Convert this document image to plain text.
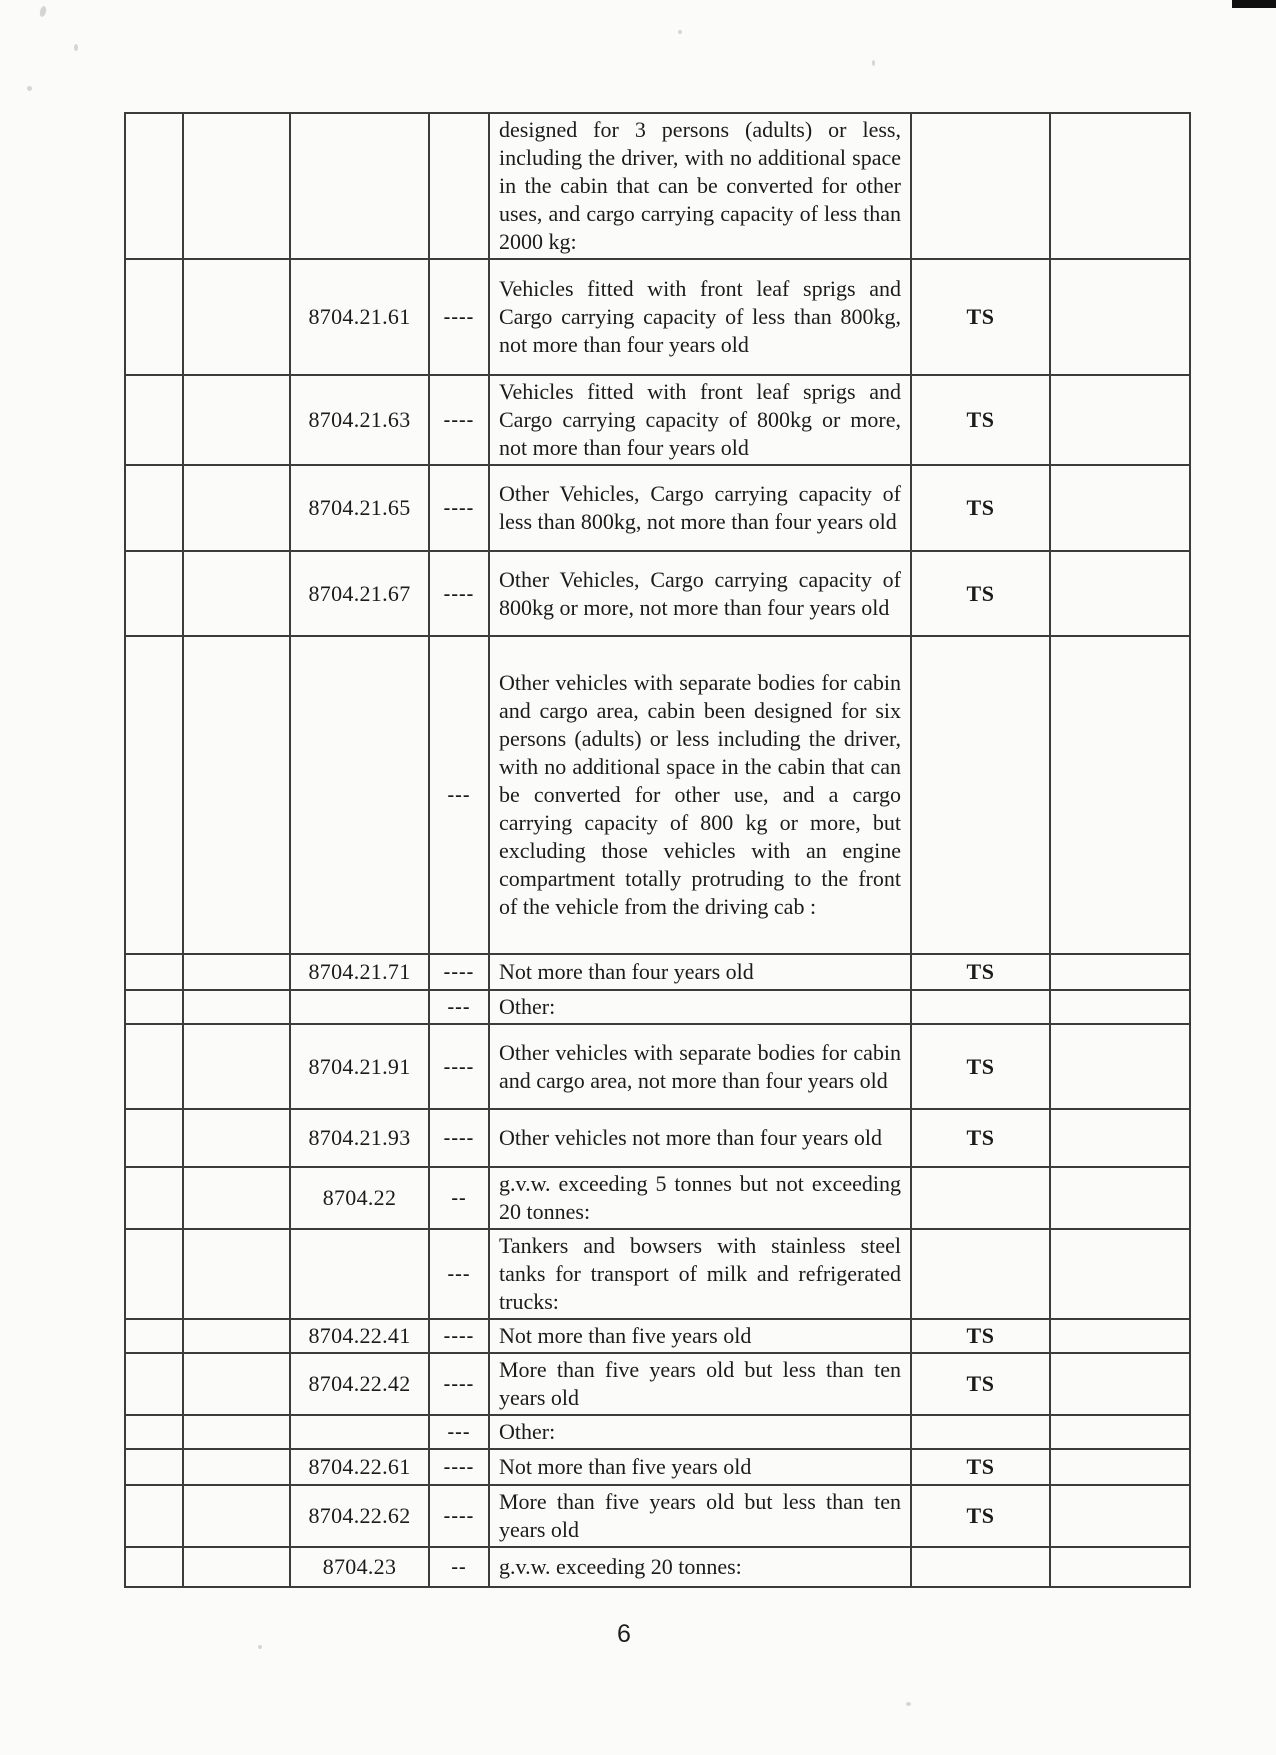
				designed for 3 persons (adults) or less, including the driver, with no additional space in the cabin that can be converted for other uses, and cargo carrying capacity of less than 2000 kg:		
		8704.21.61	----	Vehicles fitted with front leaf sprigs and Cargo carrying capacity of less than 800kg, not more than four years old	TS	
		8704.21.63	----	Vehicles fitted with front leaf sprigs and Cargo carrying capacity of 800kg or more, not more than four years old	TS	
		8704.21.65	----	Other Vehicles, Cargo carrying capacity of less than 800kg, not more than four years old	TS	
		8704.21.67	----	Other Vehicles, Cargo carrying capacity of 800kg or more, not more than four years old	TS	
			---	Other vehicles with separate bodies for cabin and cargo area, cabin been designed for six persons (adults) or less including the driver, with no additional space in the cabin that can be converted for other use, and a cargo carrying capacity of 800 kg or more, but excluding those vehicles with an engine compartment totally protruding to the front of the vehicle from the driving cab :		
		8704.21.71	----	Not more than four years old	TS	
			---	Other:		
		8704.21.91	----	Other vehicles with separate bodies for cabin and cargo area, not more than four years old	TS	
		8704.21.93	----	Other vehicles not more than four years old	TS	
		8704.22	--	g.v.w. exceeding 5 tonnes but not exceeding 20 tonnes:		
			---	Tankers and bowsers with stainless steel tanks for transport of milk and refrigerated trucks:		
		8704.22.41	----	Not more than five years old	TS	
		8704.22.42	----	More than five years old but less than ten years old	TS	
			---	Other:		
		8704.22.61	----	Not more than five years old	TS	
		8704.22.62	----	More than five years old but less than ten years old	TS	
		8704.23	--	g.v.w. exceeding 20 tonnes:		
6
